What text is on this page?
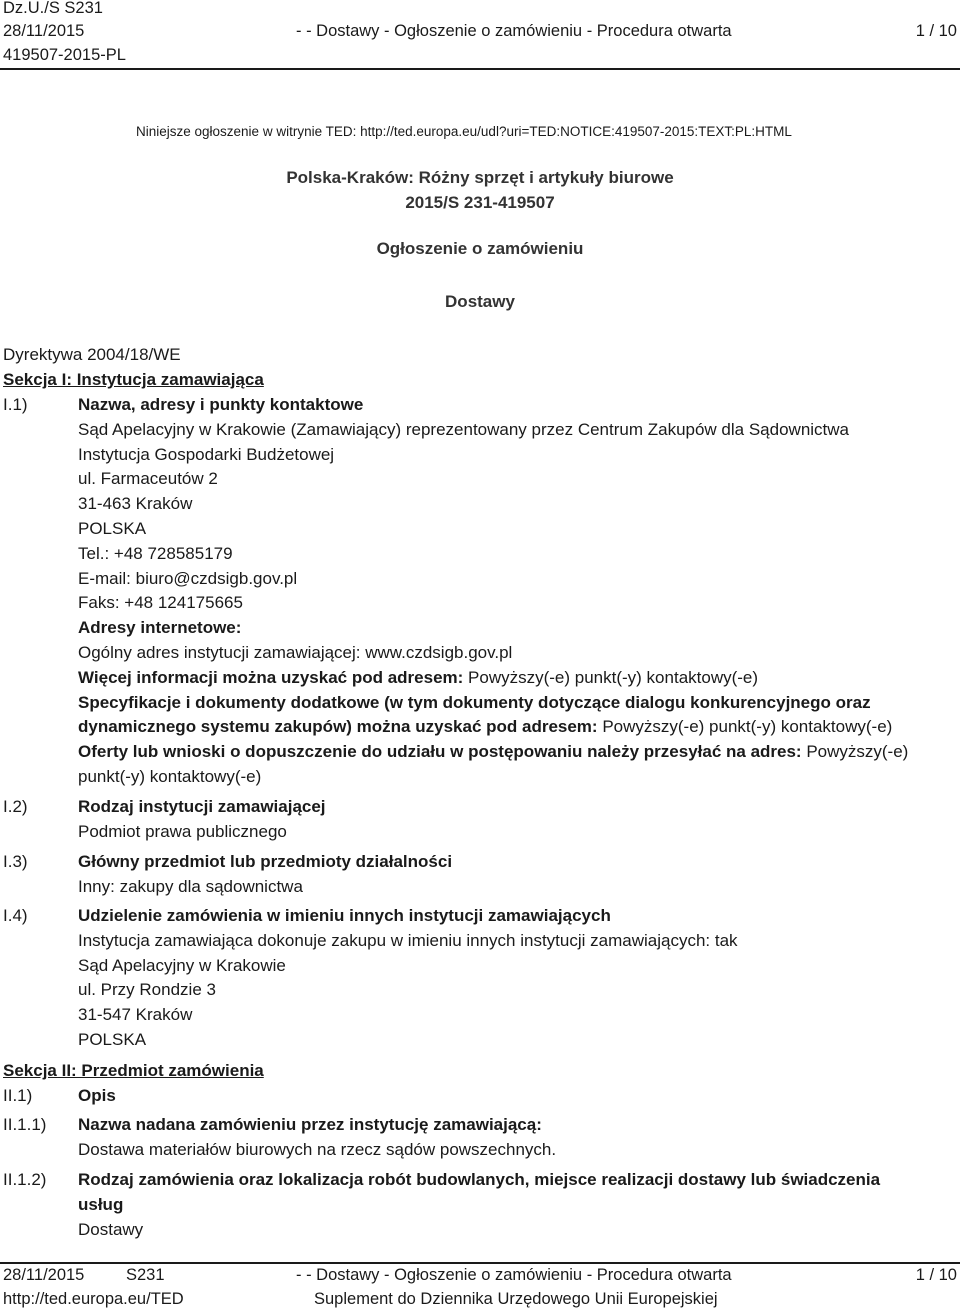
Dz.U./S S231
28/11/2015
419507-2015-PL
- - Dostawy - Ogłoszenie o zamówieniu - Procedura otwarta	1 / 10
Niniejsze ogłoszenie w witrynie TED: http://ted.europa.eu/udl?uri=TED:NOTICE:419507-2015:TEXT:PL:HTML
Polska-Kraków: Różny sprzęt i artykuły biurowe
2015/S 231-419507
Ogłoszenie o zamówieniu
Dostawy
Dyrektywa 2004/18/WE
Sekcja I: Instytucja zamawiająca
I.1)	Nazwa, adresy i punkty kontaktowe
Sąd Apelacyjny w Krakowie (Zamawiający) reprezentowany przez Centrum Zakupów dla Sądownictwa
Instytucja Gospodarki Budżetowej
ul. Farmaceutów 2
31-463 Kraków
POLSKA
Tel.: +48 728585179
E-mail: biuro@czdsigb.gov.pl
Faks: +48 124175665
Adresy internetowe:
Ogólny adres instytucji zamawiającej: www.czdsigb.gov.pl
Więcej informacji można uzyskać pod adresem: Powyższy(-e) punkt(-y) kontaktowy(-e)
Specyfikacje i dokumenty dodatkowe (w tym dokumenty dotyczące dialogu konkurencyjnego oraz
dynamicznego systemu zakupów) można uzyskać pod adresem: Powyższy(-e) punkt(-y) kontaktowy(-e)
Oferty lub wnioski o dopuszczenie do udziału w postępowaniu należy przesyłać na adres: Powyższy(-e)
punkt(-y) kontaktowy(-e)
I.2)	Rodzaj instytucji zamawiającej
Podmiot prawa publicznego
I.3)	Główny przedmiot lub przedmioty działalności
Inny: zakupy dla sądownictwa
I.4)	Udzielenie zamówienia w imieniu innych instytucji zamawiających
Instytucja zamawiająca dokonuje zakupu w imieniu innych instytucji zamawiających: tak
Sąd Apelacyjny w Krakowie
ul. Przy Rondzie 3
31-547 Kraków
POLSKA
Sekcja II: Przedmiot zamówienia
II.1)	Opis
II.1.1) Nazwa nadana zamówieniu przez instytucję zamawiającą:
Dostawa materiałów biurowych na rzecz sądów powszechnych.
II.1.2) Rodzaj zamówienia oraz lokalizacja robót budowlanych, miejsce realizacji dostawy lub świadczenia
usług
Dostawy
28/11/2015	S231
http://ted.europa.eu/TED
- - Dostawy - Ogłoszenie o zamówieniu - Procedura otwarta
Suplement do Dziennika Urzędowego Unii Europejskiej
1 / 10
